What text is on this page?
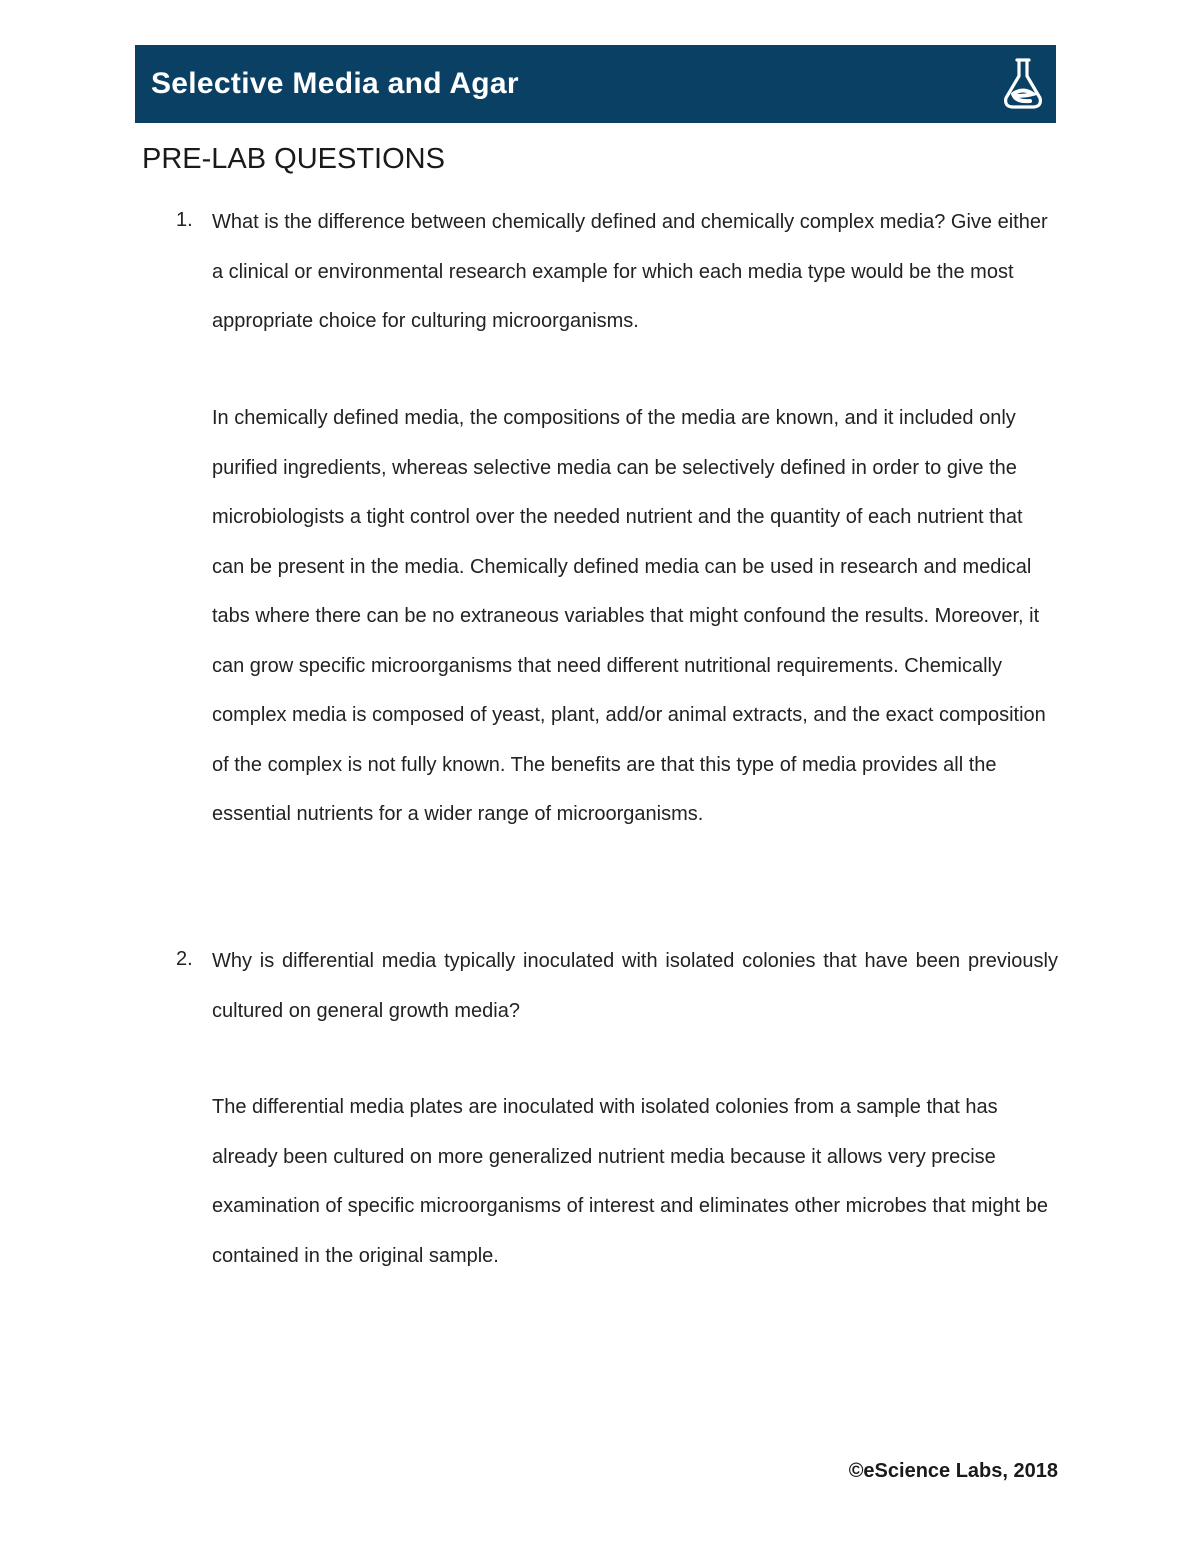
Selective Media and Agar
PRE-LAB QUESTIONS
1. What is the difference between chemically defined and chemically complex media? Give either a clinical or environmental research example for which each media type would be the most appropriate choice for culturing microorganisms.

In chemically defined media, the compositions of the media are known, and it included only purified ingredients, whereas selective media can be selectively defined in order to give the microbiologists a tight control over the needed nutrient and the quantity of each nutrient that can be present in the media. Chemically defined media can be used in research and medical tabs where there can be no extraneous variables that might confound the results. Moreover, it can grow specific microorganisms that need different nutritional requirements. Chemically complex media is composed of yeast, plant, add/or animal extracts, and the exact composition of the complex is not fully known. The benefits are that this type of media provides all the essential nutrients for a wider range of microorganisms.

2. Why is differential media typically inoculated with isolated colonies that have been previously cultured on general growth media?

The differential media plates are inoculated with isolated colonies from a sample that has already been cultured on more generalized nutrient media because it allows very precise examination of specific microorganisms of interest and eliminates other microbes that might be contained in the original sample.

©eScience Labs, 2018
